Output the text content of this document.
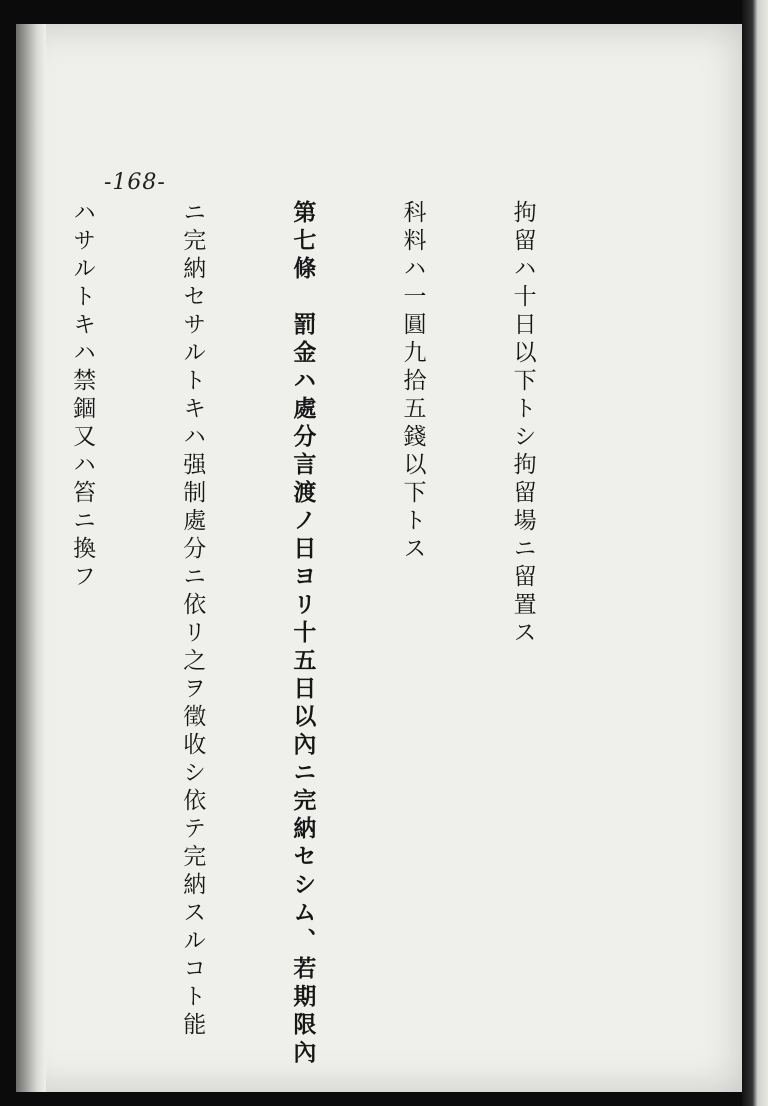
-168-

拘留ハ十日以下トシ拘留場ニ留置ス

科料ハ一圓九拾五錢以下トス

第七條　罰金ハ處分言渡ノ日ヨリ十五日以內ニ完納セシム、若期限內

ニ完納セサルトキハ强制處分ニ依リ之ヲ徵收シ依テ完納スルコト能

ハサルトキハ禁錮又ハ笞ニ換フ
